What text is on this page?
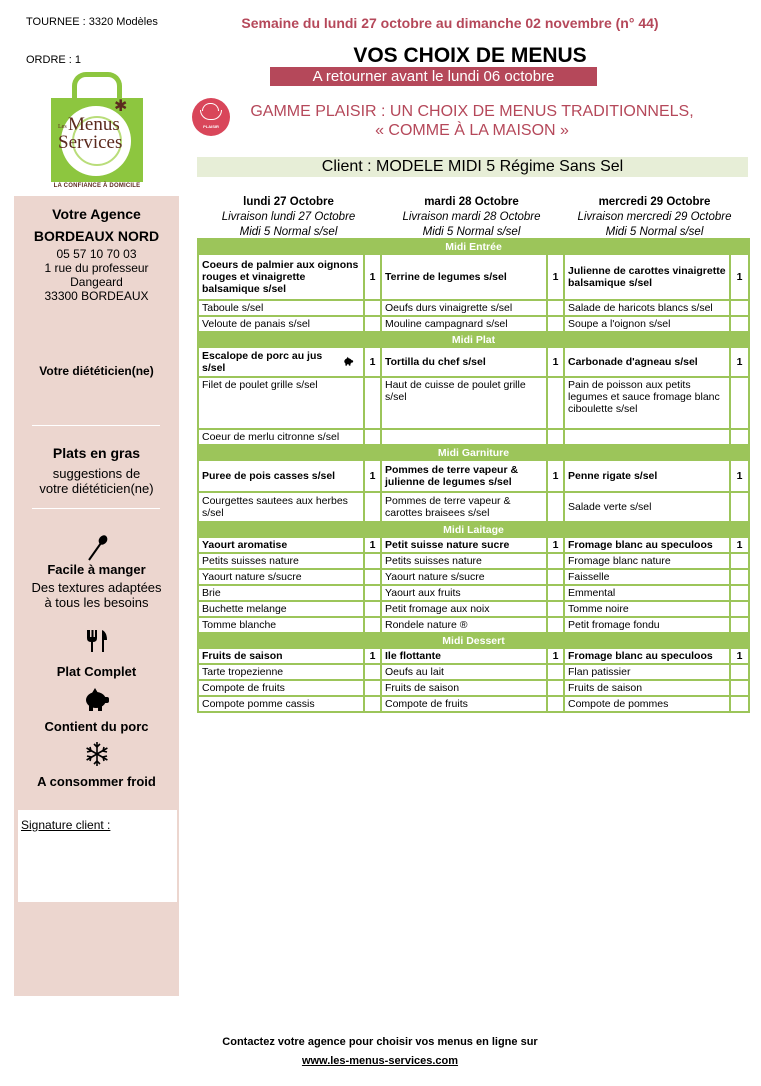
TOURNEE : 3320 Modèles
ORDRE : 1
✱
Les Menus
Services
LA CONFIANCE À DOMICILE
Votre Agence
BORDEAUX NORD
05 57 10 70 03
1 rue du professeur
Dangeard
33300 BORDEAUX
Votre diététicien(ne)
Plats en gras
suggestions de
votre diététicien(ne)
Facile à manger
Des textures adaptées
à tous les besoins
Plat Complet
Contient du porc
A consommer froid
Signature client :
Semaine du lundi 27 octobre au dimanche 02 novembre (n° 44)
VOS CHOIX DE MENUS
A retourner avant le lundi 06 octobre
PLAISIR
GAMME PLAISIR : UN CHOIX DE MENUS TRADITIONNELS,
« COMME À LA MAISON »
Client : MODELE MIDI 5 Régime Sans Sel
lundi 27 Octobre
Livraison lundi 27 Octobre
Midi 5 Normal s/sel
mardi 28 Octobre
Livraison mardi 28 Octobre
Midi 5 Normal s/sel
mercredi 29 Octobre
Livraison mercredi 29 Octobre
Midi 5 Normal s/sel
Midi Entrée					
Coeurs de palmier aux oignons rouges et vinaigrette balsamique s/sel	1	Terrine de legumes s/sel	1	Julienne de carottes vinaigrette balsamique s/sel	1
Taboule s/sel		Oeufs durs vinaigrette s/sel		Salade de haricots blancs s/sel	
Veloute de panais s/sel		Mouline campagnard s/sel		Soupe a l'oignon s/sel	
Midi Plat					

Escalope de porc au jus s/sel	1	Tortilla du chef s/sel	1	Carbonade d'agneau s/sel	1
Filet de poulet grille s/sel		Haut de cuisse de poulet grille s/sel		Pain de poisson aux petits legumes et sauce fromage blanc ciboulette s/sel	
Coeur de merlu citronne s/sel					
Midi Garniture					
Puree de pois casses s/sel	1	Pommes de terre vapeur & julienne de legumes s/sel	1	Penne rigate s/sel	1
Courgettes sautees aux herbes s/sel		Pommes de terre vapeur & carottes braisees s/sel		Salade verte s/sel	
Midi Laitage					
Yaourt aromatise	1	Petit suisse nature sucre	1	Fromage blanc au speculoos	1
Petits suisses nature		Petits suisses nature		Fromage blanc nature	
Yaourt nature s/sucre		Yaourt nature s/sucre		Faisselle	
Brie		Yaourt aux fruits		Emmental	
Buchette melange		Petit fromage aux noix		Tomme noire	
Tomme blanche		Rondele nature ®		Petit fromage fondu	
Midi Dessert					
Fruits de saison	1	Ile flottante	1	Fromage blanc au speculoos	1
Tarte tropezienne		Oeufs au lait		Flan patissier	
Compote de fruits		Fruits de saison		Fruits de saison	
Compote pomme cassis		Compote de fruits		Compote de pommes	
Contactez votre agence pour choisir vos menus en ligne sur
www.les-menus-services.com
